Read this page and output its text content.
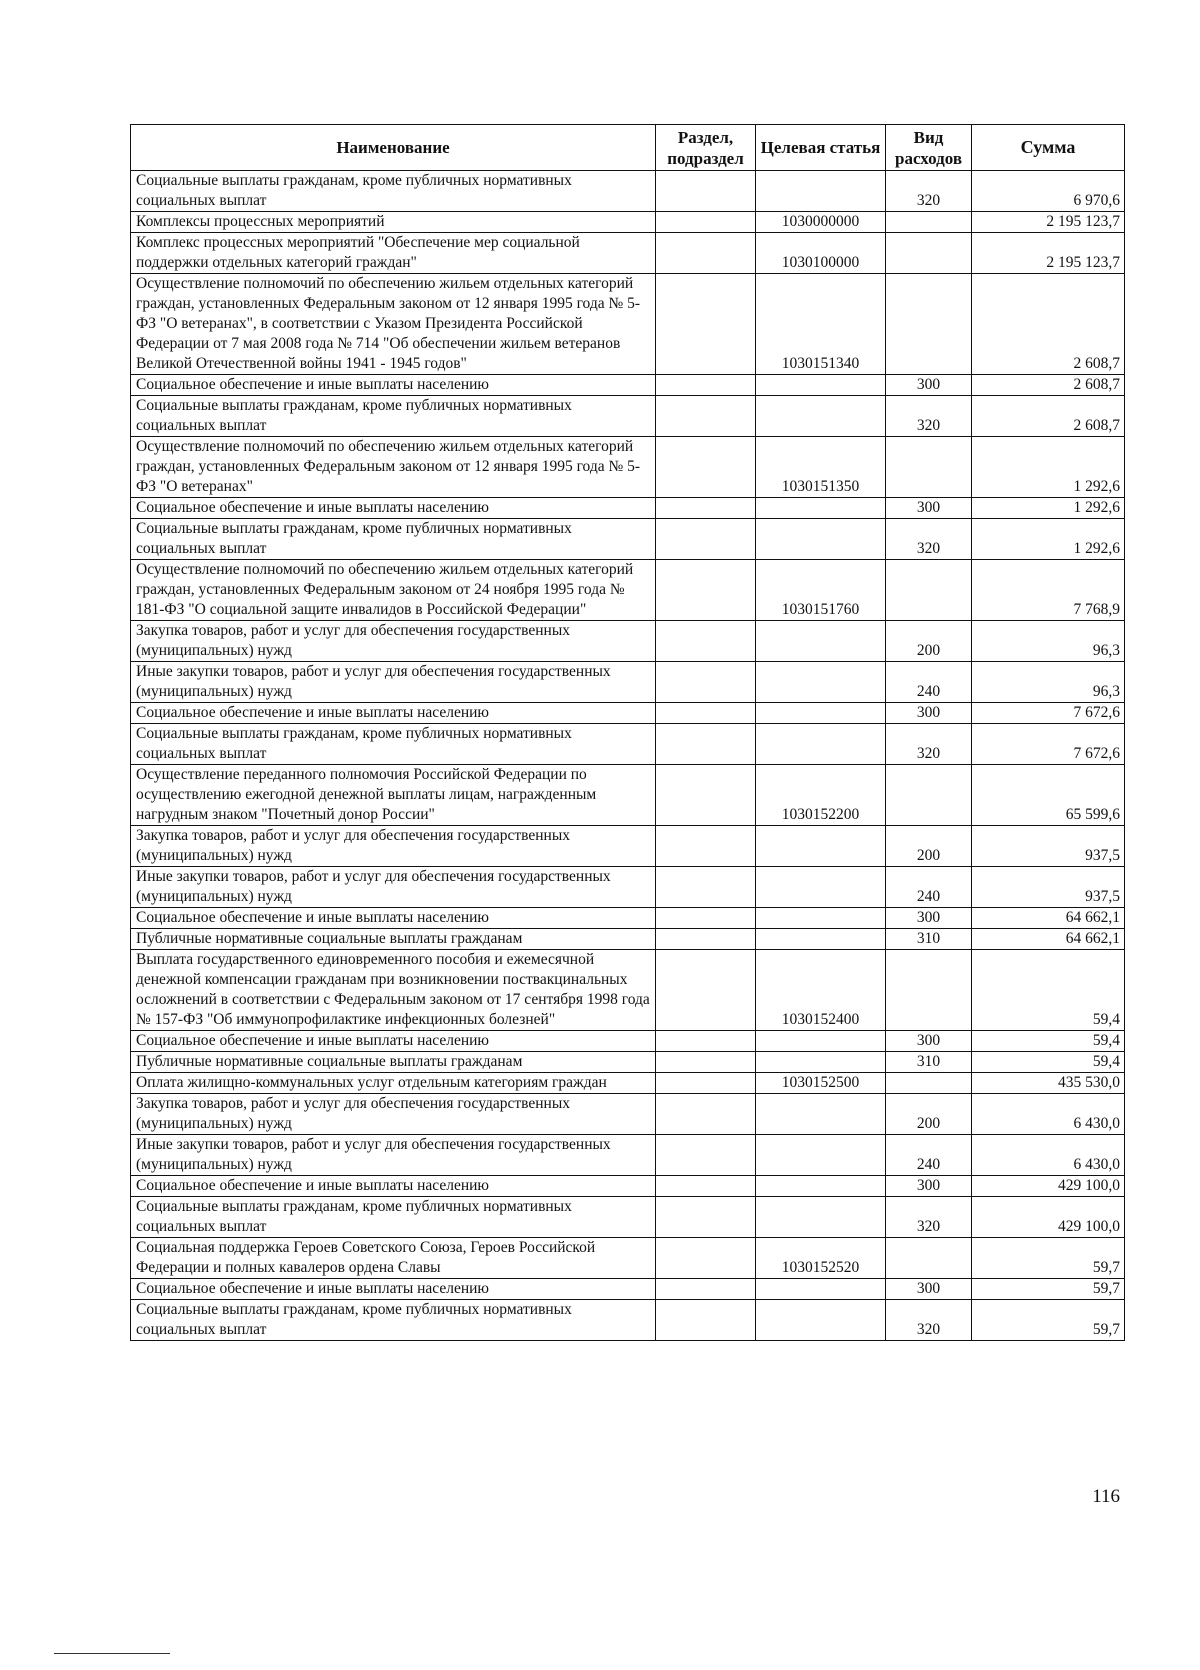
Наименование	Раздел, подраздел	Целевая статья	Вид расходов	Сумма
Социальные выплаты гражданам, кроме публичных нормативных социальных выплат			320	6 970,6
Комплексы процессных мероприятий		1030000000		2 195 123,7
Комплекс процессных мероприятий "Обеспечение мер социальной поддержки отдельных категорий граждан"		1030100000		2 195 123,7
Осуществление полномочий по обеспечению жильем отдельных категорий граждан, установленных Федеральным законом от 12 января 1995 года № 5-ФЗ "О ветеранах", в соответствии с Указом Президента Российской Федерации от 7 мая 2008 года № 714 "Об обеспечении жильем ветеранов Великой Отечественной войны 1941 - 1945 годов"		1030151340		2 608,7
Социальное обеспечение и иные выплаты населению			300	2 608,7
Социальные выплаты гражданам, кроме публичных нормативных социальных выплат			320	2 608,7
Осуществление полномочий по обеспечению жильем отдельных категорий граждан, установленных Федеральным законом от 12 января 1995 года № 5-ФЗ "О ветеранах"		1030151350		1 292,6
Социальное обеспечение и иные выплаты населению			300	1 292,6
Социальные выплаты гражданам, кроме публичных нормативных социальных выплат			320	1 292,6
Осуществление полномочий по обеспечению жильем отдельных категорий граждан, установленных Федеральным законом от 24 ноября 1995 года № 181-ФЗ "О социальной защите инвалидов в Российской Федерации"		1030151760		7 768,9
Закупка товаров, работ и услуг для обеспечения государственных (муниципальных) нужд			200	96,3
Иные закупки товаров, работ и услуг для обеспечения государственных (муниципальных) нужд			240	96,3
Социальное обеспечение и иные выплаты населению			300	7 672,6
Социальные выплаты гражданам, кроме публичных нормативных социальных выплат			320	7 672,6
Осуществление переданного полномочия Российской Федерации по осуществлению ежегодной денежной выплаты лицам, награжденным нагрудным знаком "Почетный донор России"		1030152200		65 599,6
Закупка товаров, работ и услуг для обеспечения государственных (муниципальных) нужд			200	937,5
Иные закупки товаров, работ и услуг для обеспечения государственных (муниципальных) нужд			240	937,5
Социальное обеспечение и иные выплаты населению			300	64 662,1
Публичные нормативные социальные выплаты гражданам			310	64 662,1
Выплата государственного единовременного пособия и ежемесячной денежной компенсации гражданам при возникновении поствакцинальных осложнений в соответствии с Федеральным законом от 17 сентября 1998 года № 157-ФЗ "Об иммунопрофилактике инфекционных болезней"		1030152400		59,4
Социальное обеспечение и иные выплаты населению			300	59,4
Публичные нормативные социальные выплаты гражданам			310	59,4
Оплата жилищно-коммунальных услуг отдельным категориям граждан		1030152500		435 530,0
Закупка товаров, работ и услуг для обеспечения государственных (муниципальных) нужд			200	6 430,0
Иные закупки товаров, работ и услуг для обеспечения государственных (муниципальных) нужд			240	6 430,0
Социальное обеспечение и иные выплаты населению			300	429 100,0
Социальные выплаты гражданам, кроме публичных нормативных социальных выплат			320	429 100,0
Социальная поддержка Героев Советского Союза, Героев Российской Федерации и полных кавалеров ордена Славы		1030152520		59,7
Социальное обеспечение и иные выплаты населению			300	59,7
Социальные выплаты гражданам, кроме публичных нормативных социальных выплат			320	59,7
116
